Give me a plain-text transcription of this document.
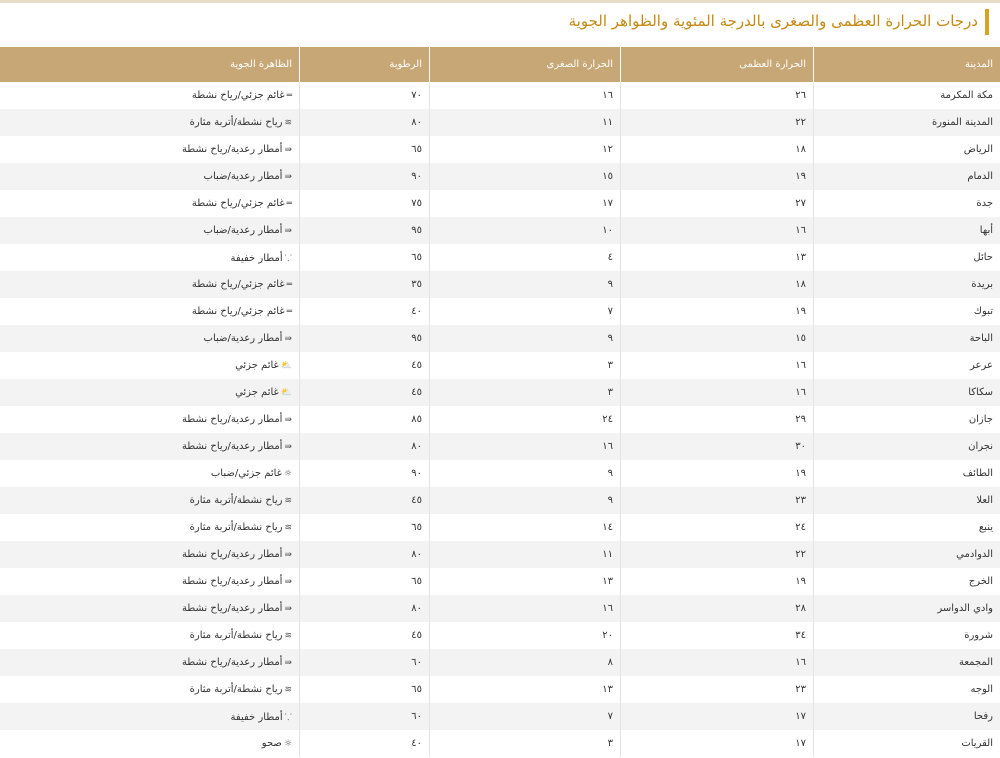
درجات الحرارة العظمى والصغرى بالدرجة المئوية والظواهر الجوية
المدينة	الحرارة العظمى	الحرارة الصغرى	الرطوبة	الظاهرة الجوية
مكة المكرمة	٢٦	١٦	٧٠	═غائم جزئي/رياح نشطة
المدينة المنورة	٢٢	١١	٨٠	≋رياح نشطة/أتربة مثارة
الرياض	١٨	١٢	٦٥	⇛أمطار رعدية/رياح نشطة
الدمام	١٩	١٥	٩٠	⇛أمطار رعدية/ضباب
جدة	٢٧	١٧	٧٥	═غائم جزئي/رياح نشطة
أبها	١٦	١٠	٩٥	⇛أمطار رعدية/ضباب
حائل	١٣	٤	٦٥	⸪أمطار خفيفة
بريدة	١٨	٩	٣٥	═غائم جزئي/رياح نشطة
تبوك	١٩	٧	٤٠	═غائم جزئي/رياح نشطة
الباحة	١٥	٩	٩٥	⇛أمطار رعدية/ضباب
عرعر	١٦	٣	٤٥	⛅غائم جزئي
سكاكا	١٦	٣	٤٥	⛅غائم جزئي
جازان	٢٩	٢٤	٨٥	⇛أمطار رعدية/رياح نشطة
نجران	٣٠	١٦	٨٠	⇛أمطار رعدية/رياح نشطة
الطائف	١٩	٩	٩٠	☼غائم جزئي/ضباب
العلا	٢٣	٩	٤٥	≋رياح نشطة/أتربة مثارة
ينبع	٢٤	١٤	٦٥	≋رياح نشطة/أتربة مثارة
الدوادمي	٢٢	١١	٨٠	⇛أمطار رعدية/رياح نشطة
الخرج	١٩	١٣	٦٥	⇛أمطار رعدية/رياح نشطة
وادي الدواسر	٢٨	١٦	٨٠	⇛أمطار رعدية/رياح نشطة
شرورة	٣٤	٢٠	٤٥	≋رياح نشطة/أتربة مثارة
المجمعة	١٦	٨	٦٠	⇛أمطار رعدية/رياح نشطة
الوجه	٢٣	١٣	٦٥	≋رياح نشطة/أتربة مثارة
رفحا	١٧	٧	٦٠	⸪أمطار خفيفة
القريات	١٧	٣	٤٠	☼صحو
